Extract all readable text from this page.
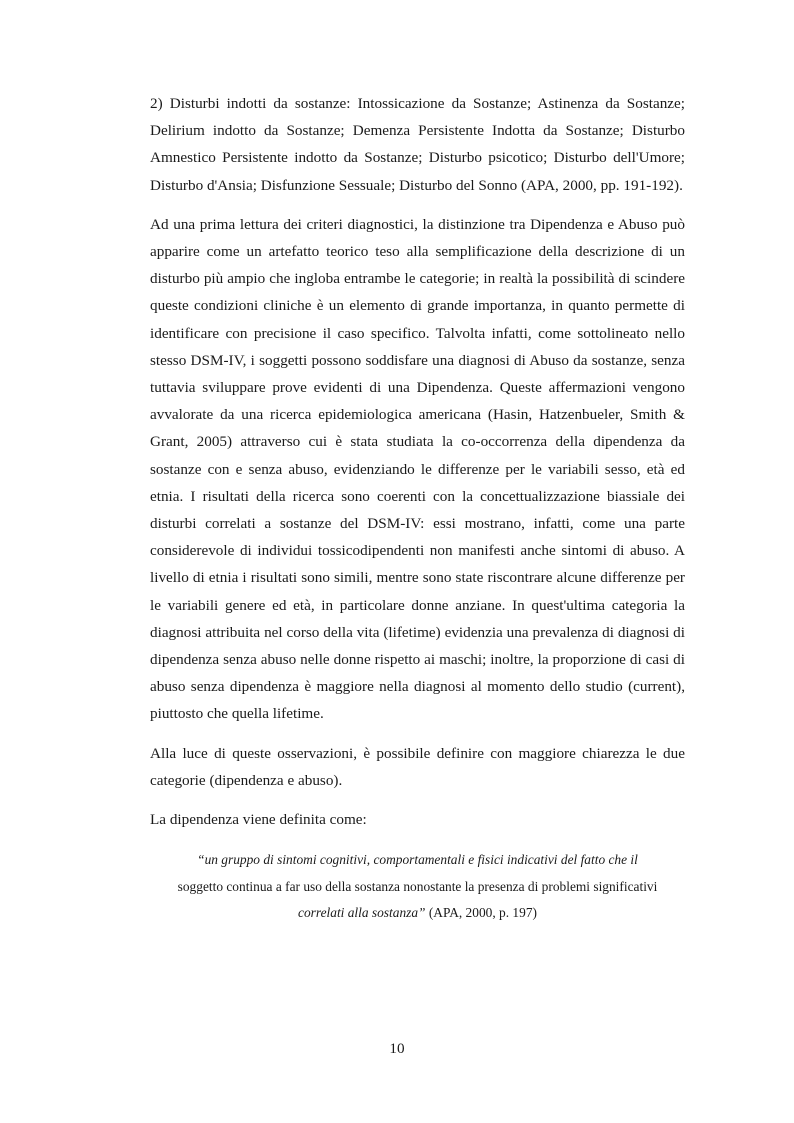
2) Disturbi indotti da sostanze: Intossicazione da Sostanze; Astinenza da Sostanze; Delirium indotto da Sostanze; Demenza Persistente Indotta da Sostanze; Disturbo Amnestico Persistente indotto da Sostanze; Disturbo psicotico; Disturbo dell'Umore; Disturbo d'Ansia; Disfunzione Sessuale; Disturbo del Sonno (APA, 2000, pp. 191-192).

Ad una prima lettura dei criteri diagnostici, la distinzione tra Dipendenza e Abuso può apparire come un artefatto teorico teso alla semplificazione della descrizione di un disturbo più ampio che ingloba entrambe le categorie; in realtà la possibilità di scindere queste condizioni cliniche è un elemento di grande importanza, in quanto permette di identificare con precisione il caso specifico. Talvolta infatti, come sottolineato nello stesso DSM-IV, i soggetti possono soddisfare una diagnosi di Abuso da sostanze, senza tuttavia sviluppare prove evidenti di una Dipendenza. Queste affermazioni vengono avvalorate da una ricerca epidemiologica americana (Hasin, Hatzenbueler, Smith & Grant, 2005) attraverso cui è stata studiata la co-occorrenza della dipendenza da sostanze con e senza abuso, evidenziando le differenze per le variabili sesso, età ed etnia. I risultati della ricerca sono coerenti con la concettualizzazione biassiale dei disturbi correlati a sostanze del DSM-IV: essi mostrano, infatti, come una parte considerevole di individui tossicodipendenti non manifesti anche sintomi di abuso. A livello di etnia i risultati sono simili, mentre sono state riscontrare alcune differenze per le variabili genere ed età, in particolare donne anziane. In quest'ultima categoria la diagnosi attribuita nel corso della vita (lifetime) evidenzia una prevalenza di diagnosi di dipendenza senza abuso nelle donne rispetto ai maschi; inoltre, la proporzione di casi di abuso senza dipendenza è maggiore nella diagnosi al momento dello studio (current), piuttosto che quella lifetime.

Alla luce di queste osservazioni, è possibile definire con maggiore chiarezza le due categorie (dipendenza e abuso).

La dipendenza viene definita come:

“un gruppo di sintomi cognitivi, comportamentali e fisici indicativi del fatto che il
soggetto continua a far uso della sostanza nonostante la presenza di problemi significativi
correlati alla sostanza” (APA, 2000, p. 197)
10
